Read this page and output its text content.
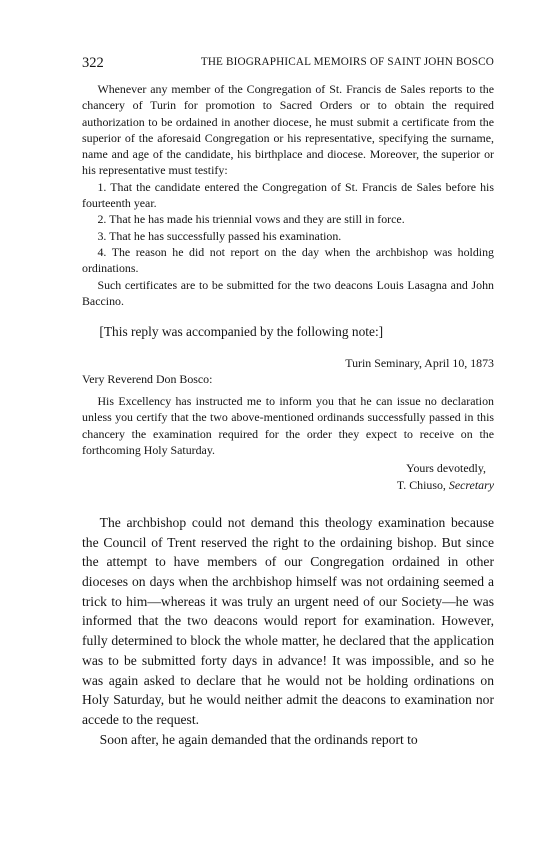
322	THE BIOGRAPHICAL MEMOIRS OF SAINT JOHN BOSCO

Whenever any member of the Congregation of St. Francis de Sales reports to the chancery of Turin for promotion to Sacred Orders or to obtain the required authorization to be ordained in another diocese, he must submit a certificate from the superior of the aforesaid Congregation or his representative, specifying the surname, name and age of the candidate, his birthplace and diocese. Moreover, the superior or his representative must testify:

1. That the candidate entered the Congregation of St. Francis de Sales before his fourteenth year.

2. That he has made his triennial vows and they are still in force.

3. That he has successfully passed his examination.

4. The reason he did not report on the day when the archbishop was holding ordinations.

Such certificates are to be submitted for the two deacons Louis Lasagna and John Baccino.

[This reply was accompanied by the following note:]

Turin Seminary, April 10, 1873
Very Reverend Don Bosco:

His Excellency has instructed me to inform you that he can issue no declaration unless you certify that the two above-mentioned ordinands successfully passed in this chancery the examination required for the order they expect to receive on the forthcoming Holy Saturday.

Yours devotedly,
T. Chiuso, Secretary

The archbishop could not demand this theology examination because the Council of Trent reserved the right to the ordaining bishop. But since the attempt to have members of our Congregation ordained in other dioceses on days when the archbishop himself was not ordaining seemed a trick to him—whereas it was truly an urgent need of our Society—he was informed that the two deacons would report for examination. However, fully determined to block the whole matter, he declared that the application was to be submitted forty days in advance! It was impossible, and so he was again asked to declare that he would not be holding ordinations on Holy Saturday, but he would neither admit the deacons to examination nor accede to the request.

Soon after, he again demanded that the ordinands report to
